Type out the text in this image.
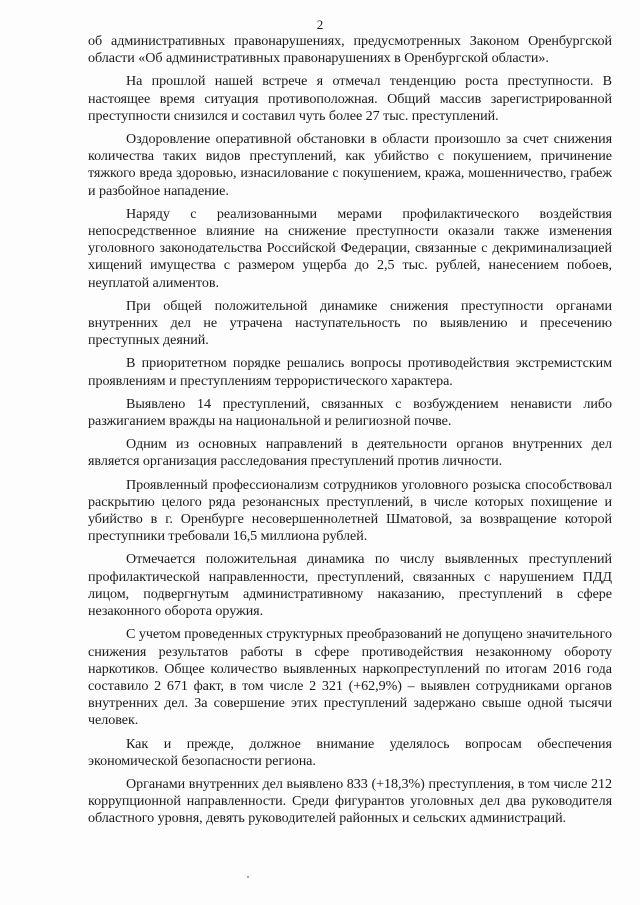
2

об административных правонарушениях, предусмотренных Законом Оренбургской области «Об административных правонарушениях в Оренбургской области».

На прошлой нашей встрече я отмечал тенденцию роста преступности. В настоящее время ситуация противоположная. Общий массив зарегистрированной преступности снизился и составил чуть более 27 тыс. преступлений.

Оздоровление оперативной обстановки в области произошло за счет снижения количества таких видов преступлений, как убийство с покушением, причинение тяжкого вреда здоровью, изнасилование с покушением, кража, мошенничество, грабеж и разбойное нападение.

Наряду с реализованными мерами профилактического воздействия непосредственное влияние на снижение преступности оказали также изменения уголовного законодательства Российской Федерации, связанные с декриминализацией хищений имущества с размером ущерба до 2,5 тыс. рублей, нанесением побоев, неуплатой алиментов.

При общей положительной динамике снижения преступности органами внутренних дел не утрачена наступательность по выявлению и пресечению преступных деяний.

В приоритетном порядке решались вопросы противодействия экстремистским проявлениям и преступлениям террористического характера.

Выявлено 14 преступлений, связанных с возбуждением ненависти либо разжиганием вражды на национальной и религиозной почве.

Одним из основных направлений в деятельности органов внутренних дел является организация расследования преступлений против личности.

Проявленный профессионализм сотрудников уголовного розыска способствовал раскрытию целого ряда резонансных преступлений, в числе которых похищение и убийство в г. Оренбурге несовершеннолетней Шматовой, за возвращение которой преступники требовали 16,5 миллиона рублей.

Отмечается положительная динамика по числу выявленных преступлений профилактической направленности, преступлений, связанных с нарушением ПДД лицом, подвергнутым административному наказанию, преступлений в сфере незаконного оборота оружия.

С учетом проведенных структурных преобразований не допущено значительного снижения результатов работы в сфере противодействия незаконному обороту наркотиков. Общее количество выявленных наркопреступлений по итогам 2016 года составило 2 671 факт, в том числе 2 321 (+62,9%) – выявлен сотрудниками органов внутренних дел. За совершение этих преступлений задержано свыше одной тысячи человек.

Как и прежде, должное внимание уделялось вопросам обеспечения экономической безопасности региона.

Органами внутренних дел выявлено 833 (+18,3%) преступления, в том числе 212 коррупционной направленности. Среди фигурантов уголовных дел два руководителя областного уровня, девять руководителей районных и сельских администраций.
